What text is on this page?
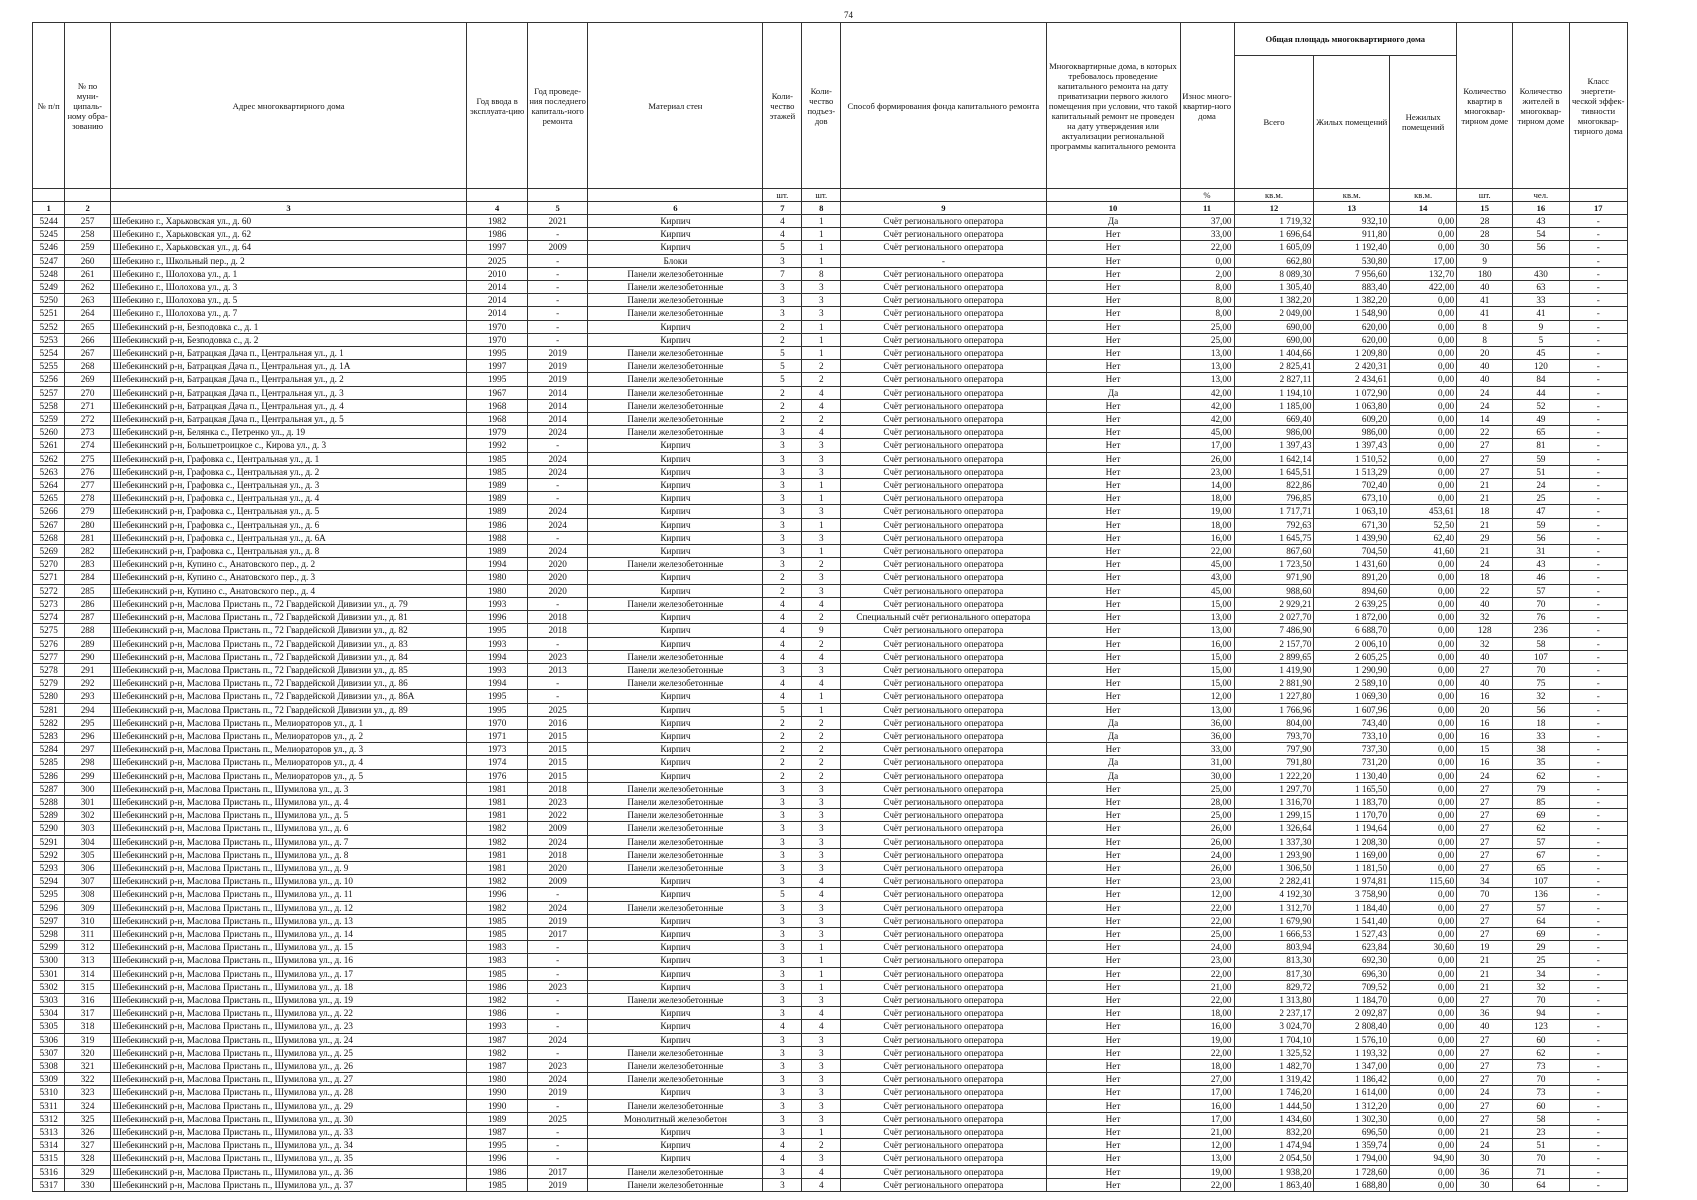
74
№ п/п	№ по муни-ципаль-ному обра-зованию	Адрес многоквартирного дома	Год ввода в эксплуата-цию	Год проведе-ния последнего капиталь-ного ремонта	Материал стен	Коли-чество этажей	Коли-чество подъез-дов	Способ формирования фонда капитального ремонта	Многоквартирные дома, в которых требовалось проведение капитального ремонта на дату приватизации первого жилого помещения при условии, что такой капитальный ремонт не проведен на дату утверждения или актуализации региональной программы капитального ремонта	Износ много-квартир-ного дома	Общая площадь многоквартирного дома			Количество квартир в многоквар-тирном доме	Количество жителей в многоквар-тирном доме	Класс энергети-ческой эффек-тивности многоквар-тирного дома
											Всего	Жилых помещений	Нежилых помещений			
						шт.	шт.			%	кв.м.	кв.м.	кв.м.	шт.	чел.	
1	2	3	4	5	6	7	8	9	10	11	12	13	14	15	16	17
5244	257	Шебекино г., Харьковская ул., д. 60	1982	2021	Кирпич	4	1	Счёт регионального оператора	Да	37,00	1 719,32	932,10	0,00	28	43	-
5245	258	Шебекино г., Харьковская ул., д. 62	1986	-	Кирпич	4	1	Счёт регионального оператора	Нет	33,00	1 696,64	911,80	0,00	28	54	-
5246	259	Шебекино г., Харьковская ул., д. 64	1997	2009	Кирпич	5	1	Счёт регионального оператора	Нет	22,00	1 605,09	1 192,40	0,00	30	56	-
5247	260	Шебекино г., Школьный пер., д. 2	2025	-	Блоки	3	1	-	Нет	0,00	662,80	530,80	17,00	9		-
5248	261	Шебекино г., Шолохова ул., д. 1	2010	-	Панели железобетонные	7	8	Счёт регионального оператора	Нет	2,00	8 089,30	7 956,60	132,70	180	430	-
5249	262	Шебекино г., Шолохова ул., д. 3	2014	-	Панели железобетонные	3	3	Счёт регионального оператора	Нет	8,00	1 305,40	883,40	422,00	40	63	-
5250	263	Шебекино г., Шолохова ул., д. 5	2014	-	Панели железобетонные	3	3	Счёт регионального оператора	Нет	8,00	1 382,20	1 382,20	0,00	41	33	-
5251	264	Шебекино г., Шолохова ул., д. 7	2014	-	Панели железобетонные	3	3	Счёт регионального оператора	Нет	8,00	2 049,00	1 548,90	0,00	41	41	-
5252	265	Шебекинский р-н, Безподовка с., д. 1	1970	-	Кирпич	2	1	Счёт регионального оператора	Нет	25,00	690,00	620,00	0,00	8	9	-
5253	266	Шебекинский р-н, Безподовка с., д. 2	1970	-	Кирпич	2	1	Счёт регионального оператора	Нет	25,00	690,00	620,00	0,00	8	5	-
5254	267	Шебекинский р-н, Батрацкая Дача п., Центральная ул., д. 1	1995	2019	Панели железобетонные	5	1	Счёт регионального оператора	Нет	13,00	1 404,66	1 209,80	0,00	20	45	-
5255	268	Шебекинский р-н, Батрацкая Дача п., Центральная ул., д. 1А	1997	2019	Панели железобетонные	5	2	Счёт регионального оператора	Нет	13,00	2 825,41	2 420,31	0,00	40	120	-
5256	269	Шебекинский р-н, Батрацкая Дача п., Центральная ул., д. 2	1995	2019	Панели железобетонные	5	2	Счёт регионального оператора	Нет	13,00	2 827,11	2 434,61	0,00	40	84	-
5257	270	Шебекинский р-н, Батрацкая Дача п., Центральная ул., д. 3	1967	2014	Панели железобетонные	2	4	Счёт регионального оператора	Да	42,00	1 194,10	1 072,90	0,00	24	44	-
5258	271	Шебекинский р-н, Батрацкая Дача п., Центральная ул., д. 4	1968	2014	Панели железобетонные	2	4	Счёт регионального оператора	Нет	42,00	1 185,00	1 063,80	0,00	24	52	-
5259	272	Шебекинский р-н, Батрацкая Дача п., Центральная ул., д. 5	1968	2014	Панели железобетонные	2	2	Счёт регионального оператора	Нет	42,00	669,40	609,20	0,00	14	49	-
5260	273	Шебекинский р-н, Белянка с., Петренко ул., д. 19	1979	2024	Панели железобетонные	3	4	Счёт регионального оператора	Нет	45,00	986,00	986,00	0,00	22	65	-
5261	274	Шебекинский р-н, Большетроицкое с., Кирова ул., д. 3	1992	-	Кирпич	3	3	Счёт регионального оператора	Нет	17,00	1 397,43	1 397,43	0,00	27	81	-
5262	275	Шебекинский р-н, Графовка с., Центральная ул., д. 1	1985	2024	Кирпич	3	3	Счёт регионального оператора	Нет	26,00	1 642,14	1 510,52	0,00	27	59	-
5263	276	Шебекинский р-н, Графовка с., Центральная ул., д. 2	1985	2024	Кирпич	3	3	Счёт регионального оператора	Нет	23,00	1 645,51	1 513,29	0,00	27	51	-
5264	277	Шебекинский р-н, Графовка с., Центральная ул., д. 3	1989	-	Кирпич	3	1	Счёт регионального оператора	Нет	14,00	822,86	702,40	0,00	21	24	-
5265	278	Шебекинский р-н, Графовка с., Центральная ул., д. 4	1989	-	Кирпич	3	1	Счёт регионального оператора	Нет	18,00	796,85	673,10	0,00	21	25	-
5266	279	Шебекинский р-н, Графовка с., Центральная ул., д. 5	1989	2024	Кирпич	3	3	Счёт регионального оператора	Нет	19,00	1 717,71	1 063,10	453,61	18	47	-
5267	280	Шебекинский р-н, Графовка с., Центральная ул., д. 6	1986	2024	Кирпич	3	1	Счёт регионального оператора	Нет	18,00	792,63	671,30	52,50	21	59	-
5268	281	Шебекинский р-н, Графовка с., Центральная ул., д. 6А	1988	-	Кирпич	3	3	Счёт регионального оператора	Нет	16,00	1 645,75	1 439,90	62,40	29	56	-
5269	282	Шебекинский р-н, Графовка с., Центральная ул., д. 8	1989	2024	Кирпич	3	1	Счёт регионального оператора	Нет	22,00	867,60	704,50	41,60	21	31	-
5270	283	Шебекинский р-н, Купино с., Анатовского пер., д. 2	1994	2020	Панели железобетонные	3	2	Счёт регионального оператора	Нет	45,00	1 723,50	1 431,60	0,00	24	43	-
5271	284	Шебекинский р-н, Купино с., Анатовского пер., д. 3	1980	2020	Кирпич	2	3	Счёт регионального оператора	Нет	43,00	971,90	891,20	0,00	18	46	-
5272	285	Шебекинский р-н, Купино с., Анатовского пер., д. 4	1980	2020	Кирпич	2	3	Счёт регионального оператора	Нет	45,00	988,60	894,60	0,00	22	57	-
5273	286	Шебекинский р-н, Маслова Пристань п., 72 Гвардейской Дивизии ул., д. 79	1993	-	Панели железобетонные	4	4	Счёт регионального оператора	Нет	15,00	2 929,21	2 639,25	0,00	40	70	-
5274	287	Шебекинский р-н, Маслова Пристань п., 72 Гвардейской Дивизии ул., д. 81	1996	2018	Кирпич	4	2	Специальный счёт регионального оператора	Нет	13,00	2 027,70	1 872,00	0,00	32	76	-
5275	288	Шебекинский р-н, Маслова Пристань п., 72 Гвардейской Дивизии ул., д. 82	1995	2018	Кирпич	4	9	Счёт регионального оператора	Нет	13,00	7 486,90	6 688,70	0,00	128	236	-
5276	289	Шебекинский р-н, Маслова Пристань п., 72 Гвардейской Дивизии ул., д. 83	1993	-	Кирпич	4	2	Счёт регионального оператора	Нет	16,00	2 157,70	2 006,10	0,00	32	58	-
5277	290	Шебекинский р-н, Маслова Пристань п., 72 Гвардейской Дивизии ул., д. 84	1994	2023	Панели железобетонные	4	4	Счёт регионального оператора	Нет	15,00	2 899,65	2 605,25	0,00	40	107	-
5278	291	Шебекинский р-н, Маслова Пристань п., 72 Гвардейской Дивизии ул., д. 85	1993	2013	Панели железобетонные	3	3	Счёт регионального оператора	Нет	15,00	1 419,90	1 290,90	0,00	27	70	-
5279	292	Шебекинский р-н, Маслова Пристань п., 72 Гвардейской Дивизии ул., д. 86	1994	-	Панели железобетонные	4	4	Счёт регионального оператора	Нет	15,00	2 881,90	2 589,10	0,00	40	75	-
5280	293	Шебекинский р-н, Маслова Пристань п., 72 Гвардейской Дивизии ул., д. 86А	1995	-	Кирпич	4	1	Счёт регионального оператора	Нет	12,00	1 227,80	1 069,30	0,00	16	32	-
5281	294	Шебекинский р-н, Маслова Пристань п., 72 Гвардейской Дивизии ул., д. 89	1995	2025	Кирпич	5	1	Счёт регионального оператора	Нет	13,00	1 766,96	1 607,96	0,00	20	56	-
5282	295	Шебекинский р-н, Маслова Пристань п., Мелиораторов ул., д. 1	1970	2016	Кирпич	2	2	Счёт регионального оператора	Да	36,00	804,00	743,40	0,00	16	18	-
5283	296	Шебекинский р-н, Маслова Пристань п., Мелиораторов ул., д. 2	1971	2015	Кирпич	2	2	Счёт регионального оператора	Да	36,00	793,70	733,10	0,00	16	33	-
5284	297	Шебекинский р-н, Маслова Пристань п., Мелиораторов ул., д. 3	1973	2015	Кирпич	2	2	Счёт регионального оператора	Нет	33,00	797,90	737,30	0,00	15	38	-
5285	298	Шебекинский р-н, Маслова Пристань п., Мелиораторов ул., д. 4	1974	2015	Кирпич	2	2	Счёт регионального оператора	Да	31,00	791,80	731,20	0,00	16	35	-
5286	299	Шебекинский р-н, Маслова Пристань п., Мелиораторов ул., д. 5	1976	2015	Кирпич	2	2	Счёт регионального оператора	Да	30,00	1 222,20	1 130,40	0,00	24	62	-
5287	300	Шебекинский р-н, Маслова Пристань п., Шумилова ул., д. 3	1981	2018	Панели железобетонные	3	3	Счёт регионального оператора	Нет	25,00	1 297,70	1 165,50	0,00	27	79	-
5288	301	Шебекинский р-н, Маслова Пристань п., Шумилова ул., д. 4	1981	2023	Панели железобетонные	3	3	Счёт регионального оператора	Нет	28,00	1 316,70	1 183,70	0,00	27	85	-
5289	302	Шебекинский р-н, Маслова Пристань п., Шумилова ул., д. 5	1981	2022	Панели железобетонные	3	3	Счёт регионального оператора	Нет	25,00	1 299,15	1 170,70	0,00	27	69	-
5290	303	Шебекинский р-н, Маслова Пристань п., Шумилова ул., д. 6	1982	2009	Панели железобетонные	3	3	Счёт регионального оператора	Нет	26,00	1 326,64	1 194,64	0,00	27	62	-
5291	304	Шебекинский р-н, Маслова Пристань п., Шумилова ул., д. 7	1982	2024	Панели железобетонные	3	3	Счёт регионального оператора	Нет	26,00	1 337,30	1 208,30	0,00	27	57	-
5292	305	Шебекинский р-н, Маслова Пристань п., Шумилова ул., д. 8	1981	2018	Панели железобетонные	3	3	Счёт регионального оператора	Нет	24,00	1 293,90	1 169,00	0,00	27	67	-
5293	306	Шебекинский р-н, Маслова Пристань п., Шумилова ул., д. 9	1981	2020	Панели железобетонные	3	3	Счёт регионального оператора	Нет	26,00	1 306,50	1 181,50	0,00	27	65	-
5294	307	Шебекинский р-н, Маслова Пристань п., Шумилова ул., д. 10	1982	2009	Кирпич	3	4	Счёт регионального оператора	Нет	23,00	2 282,41	1 974,81	115,60	34	107	-
5295	308	Шебекинский р-н, Маслова Пристань п., Шумилова ул., д. 11	1996	-	Кирпич	5	4	Счёт регионального оператора	Нет	12,00	4 192,30	3 758,90	0,00	70	136	-
5296	309	Шебекинский р-н, Маслова Пристань п., Шумилова ул., д. 12	1982	2024	Панели железобетонные	3	3	Счёт регионального оператора	Нет	22,00	1 312,70	1 184,40	0,00	27	57	-
5297	310	Шебекинский р-н, Маслова Пристань п., Шумилова ул., д. 13	1985	2019	Кирпич	3	3	Счёт регионального оператора	Нет	22,00	1 679,90	1 541,40	0,00	27	64	-
5298	311	Шебекинский р-н, Маслова Пристань п., Шумилова ул., д. 14	1985	2017	Кирпич	3	3	Счёт регионального оператора	Нет	25,00	1 666,53	1 527,43	0,00	27	69	-
5299	312	Шебекинский р-н, Маслова Пристань п., Шумилова ул., д. 15	1983	-	Кирпич	3	1	Счёт регионального оператора	Нет	24,00	803,94	623,84	30,60	19	29	-
5300	313	Шебекинский р-н, Маслова Пристань п., Шумилова ул., д. 16	1983	-	Кирпич	3	1	Счёт регионального оператора	Нет	23,00	813,30	692,30	0,00	21	25	-
5301	314	Шебекинский р-н, Маслова Пристань п., Шумилова ул., д. 17	1985	-	Кирпич	3	1	Счёт регионального оператора	Нет	22,00	817,30	696,30	0,00	21	34	-
5302	315	Шебекинский р-н, Маслова Пристань п., Шумилова ул., д. 18	1986	2023	Кирпич	3	1	Счёт регионального оператора	Нет	21,00	829,72	709,52	0,00	21	32	-
5303	316	Шебекинский р-н, Маслова Пристань п., Шумилова ул., д. 19	1982	-	Панели железобетонные	3	3	Счёт регионального оператора	Нет	22,00	1 313,80	1 184,70	0,00	27	70	-
5304	317	Шебекинский р-н, Маслова Пристань п., Шумилова ул., д. 22	1986	-	Кирпич	3	4	Счёт регионального оператора	Нет	18,00	2 237,17	2 092,87	0,00	36	94	-
5305	318	Шебекинский р-н, Маслова Пристань п., Шумилова ул., д. 23	1993	-	Кирпич	4	4	Счёт регионального оператора	Нет	16,00	3 024,70	2 808,40	0,00	40	123	-
5306	319	Шебекинский р-н, Маслова Пристань п., Шумилова ул., д. 24	1987	2024	Кирпич	3	3	Счёт регионального оператора	Нет	19,00	1 704,10	1 576,10	0,00	27	60	-
5307	320	Шебекинский р-н, Маслова Пристань п., Шумилова ул., д. 25	1982	-	Панели железобетонные	3	3	Счёт регионального оператора	Нет	22,00	1 325,52	1 193,32	0,00	27	62	-
5308	321	Шебекинский р-н, Маслова Пристань п., Шумилова ул., д. 26	1987	2023	Панели железобетонные	3	3	Счёт регионального оператора	Нет	18,00	1 482,70	1 347,00	0,00	27	73	-
5309	322	Шебекинский р-н, Маслова Пристань п., Шумилова ул., д. 27	1980	2024	Панели железобетонные	3	3	Счёт регионального оператора	Нет	27,00	1 319,42	1 186,42	0,00	27	70	-
5310	323	Шебекинский р-н, Маслова Пристань п., Шумилова ул., д. 28	1990	2019	Кирпич	3	3	Счёт регионального оператора	Нет	17,00	1 746,20	1 614,00	0,00	24	73	-
5311	324	Шебекинский р-н, Маслова Пристань п., Шумилова ул., д. 29	1990	-	Панели железобетонные	3	3	Счёт регионального оператора	Нет	16,00	1 444,50	1 312,20	0,00	27	60	-
5312	325	Шебекинский р-н, Маслова Пристань п., Шумилова ул., д. 30	1989	2025	Монолитный железобетон	3	3	Счёт регионального оператора	Нет	17,00	1 434,60	1 302,30	0,00	27	58	-
5313	326	Шебекинский р-н, Маслова Пристань п., Шумилова ул., д. 33	1987	-	Кирпич	3	1	Счёт регионального оператора	Нет	21,00	832,20	696,50	0,00	21	23	-
5314	327	Шебекинский р-н, Маслова Пристань п., Шумилова ул., д. 34	1995	-	Кирпич	4	2	Счёт регионального оператора	Нет	12,00	1 474,94	1 359,74	0,00	24	51	-
5315	328	Шебекинский р-н, Маслова Пристань п., Шумилова ул., д. 35	1996	-	Кирпич	4	3	Счёт регионального оператора	Нет	13,00	2 054,50	1 794,00	94,90	30	70	-
5316	329	Шебекинский р-н, Маслова Пристань п., Шумилова ул., д. 36	1986	2017	Панели железобетонные	3	4	Счёт регионального оператора	Нет	19,00	1 938,20	1 728,60	0,00	36	71	-
5317	330	Шебекинский р-н, Маслова Пристань п., Шумилова ул., д. 37	1985	2019	Панели железобетонные	3	4	Счёт регионального оператора	Нет	22,00	1 863,40	1 688,80	0,00	30	64	-
